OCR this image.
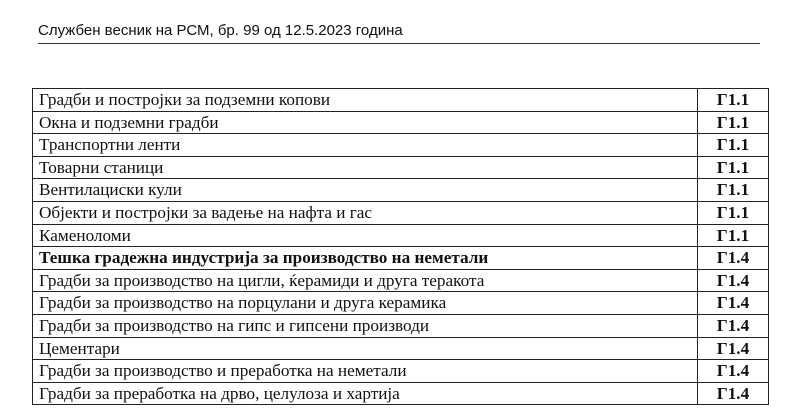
Службен весник на РСМ, бр. 99 од 12.5.2023 година
Градби и постројки за подземни копови	Г1.1
Окна и подземни градби	Г1.1
Транспортни ленти	Г1.1
Товарни станици	Г1.1
Вентилациски кули	Г1.1
Објекти и постројки за вадење на нафта и гас	Г1.1
Каменоломи	Г1.1
Тешка градежна индустрија за производство на неметали	Г1.4
Градби за производство на цигли, ќерамиди и друга теракота	Г1.4
Градби за производство на порцулани и друга керамика	Г1.4
Градби за производство на гипс и гипсени производи	Г1.4
Цементари	Г1.4
Градби за производство и преработка на неметали	Г1.4
Градби за преработка на дрво, целулоза и хартија	Г1.4
